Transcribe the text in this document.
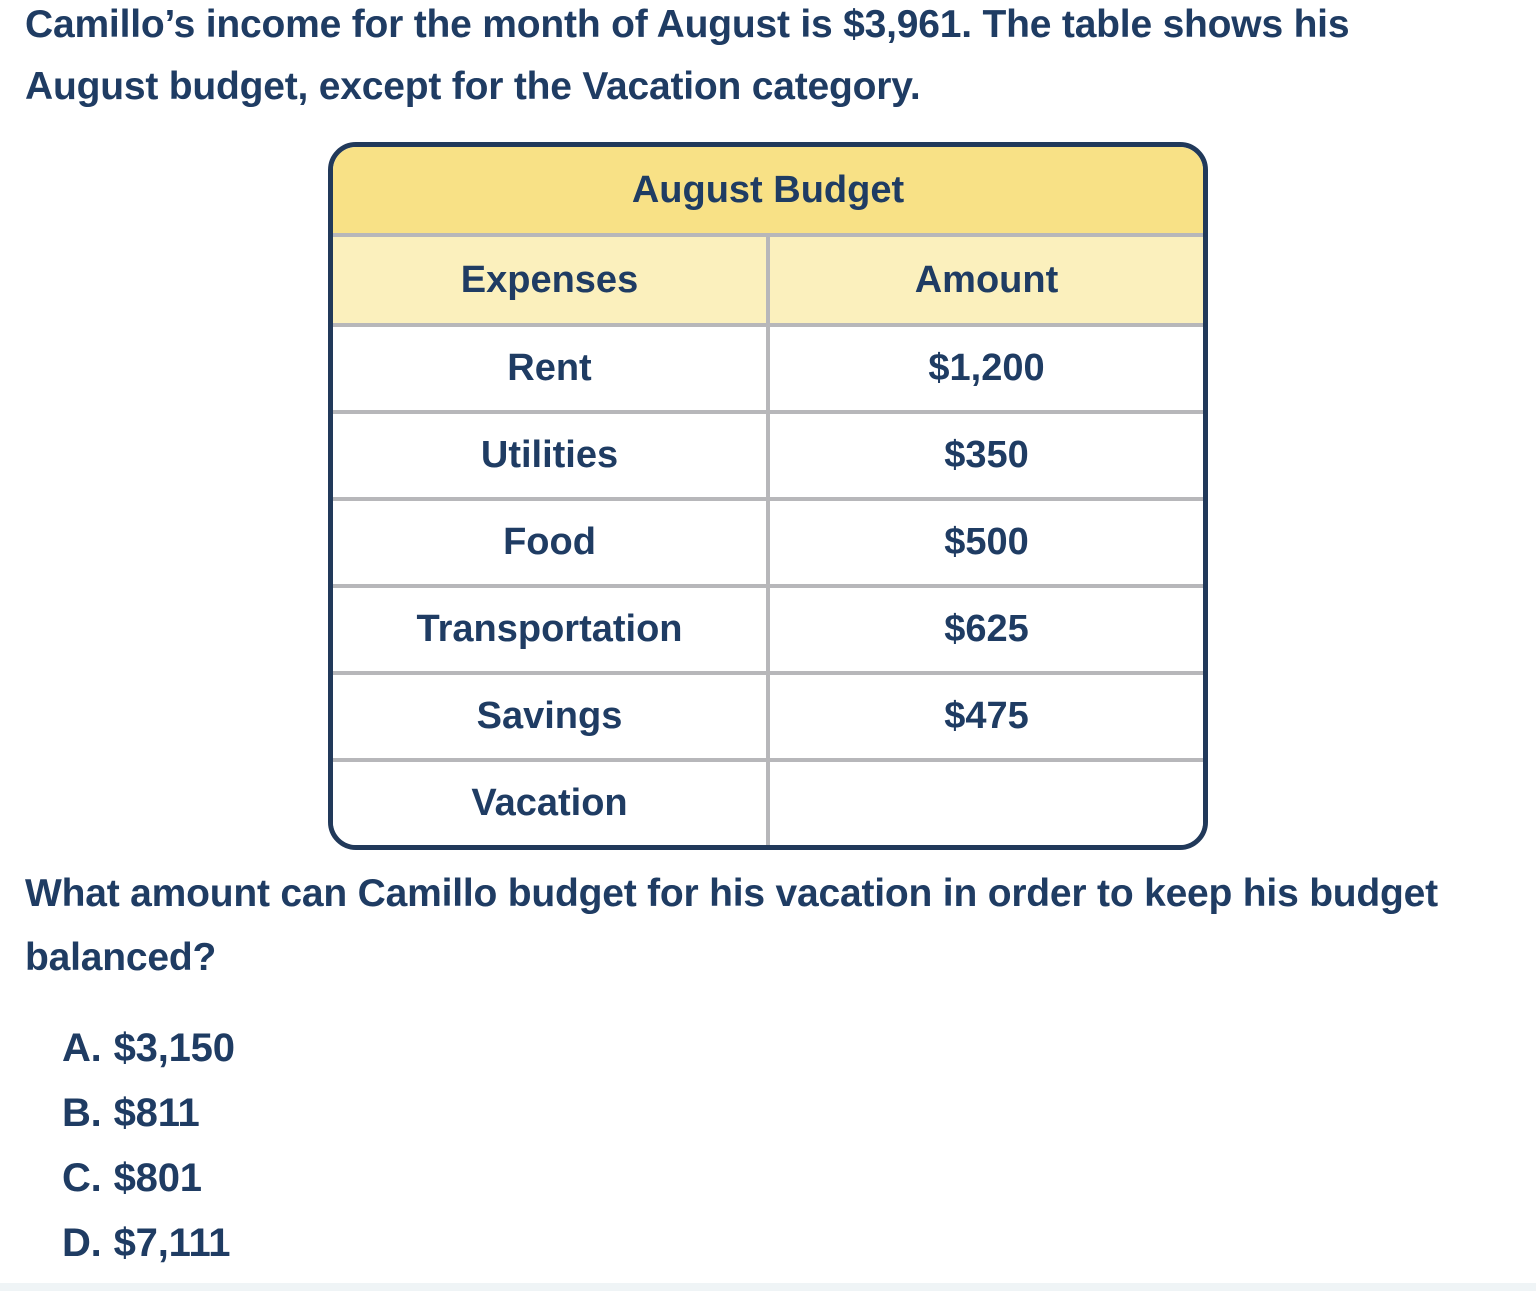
Camillo’s income for the month of August is $3,961. The table shows his
August budget, except for the Vacation category.
August Budget
Expenses	Amount
Rent	$1,200
Utilities	$350
Food	$500
Transportation	$625
Savings	$475
Vacation
What amount can Camillo budget for his vacation in order to keep his budget
balanced?
A. $3,150
B. $811
C. $801
D. $7,111
